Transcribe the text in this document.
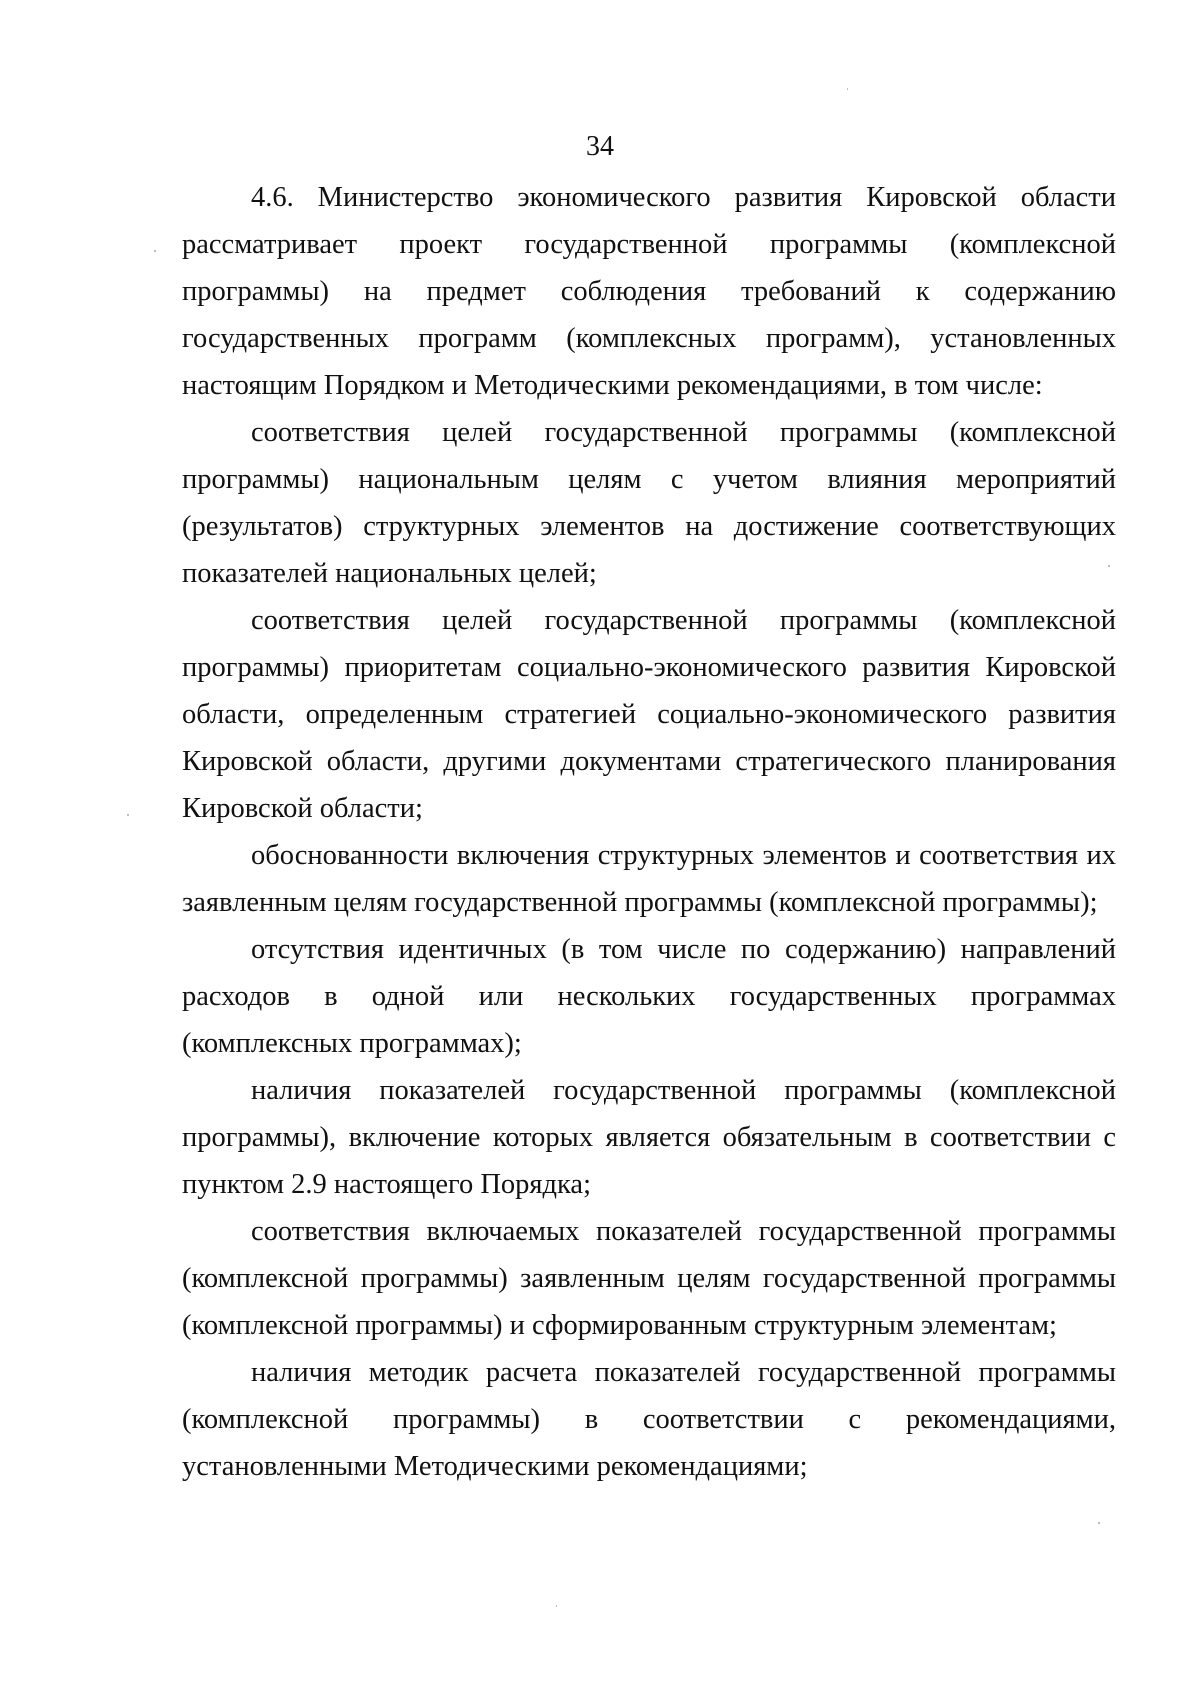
34

4.6. Министерство экономического развития Кировской области рассматривает проект государственной программы (комплексной программы) на предмет соблюдения требований к содержанию государственных программ (комплексных программ), установленных настоящим Порядком и Методическими рекомендациями, в том числе:

соответствия целей государственной программы (комплексной программы) национальным целям с учетом влияния мероприятий (результатов) структурных элементов на достижение соответствующих показателей национальных целей;

соответствия целей государственной программы (комплексной программы) приоритетам социально-экономического развития Кировской области, определенным стратегией социально-экономического развития Кировской области, другими документами стратегического планирования Кировской области;

обоснованности включения структурных элементов и соответствия их заявленным целям государственной программы (комплексной программы);

отсутствия идентичных (в том числе по содержанию) направлений расходов в одной или нескольких государственных программах (комплексных программах);

наличия показателей государственной программы (комплексной программы), включение которых является обязательным в соответствии с пунктом 2.9 настоящего Порядка;

соответствия включаемых показателей государственной программы (комплексной программы) заявленным целям государственной программы (комплексной программы) и сформированным структурным элементам;

наличия методик расчета показателей государственной программы (комплексной программы) в соответствии с рекомендациями, установленными Методическими рекомендациями;
